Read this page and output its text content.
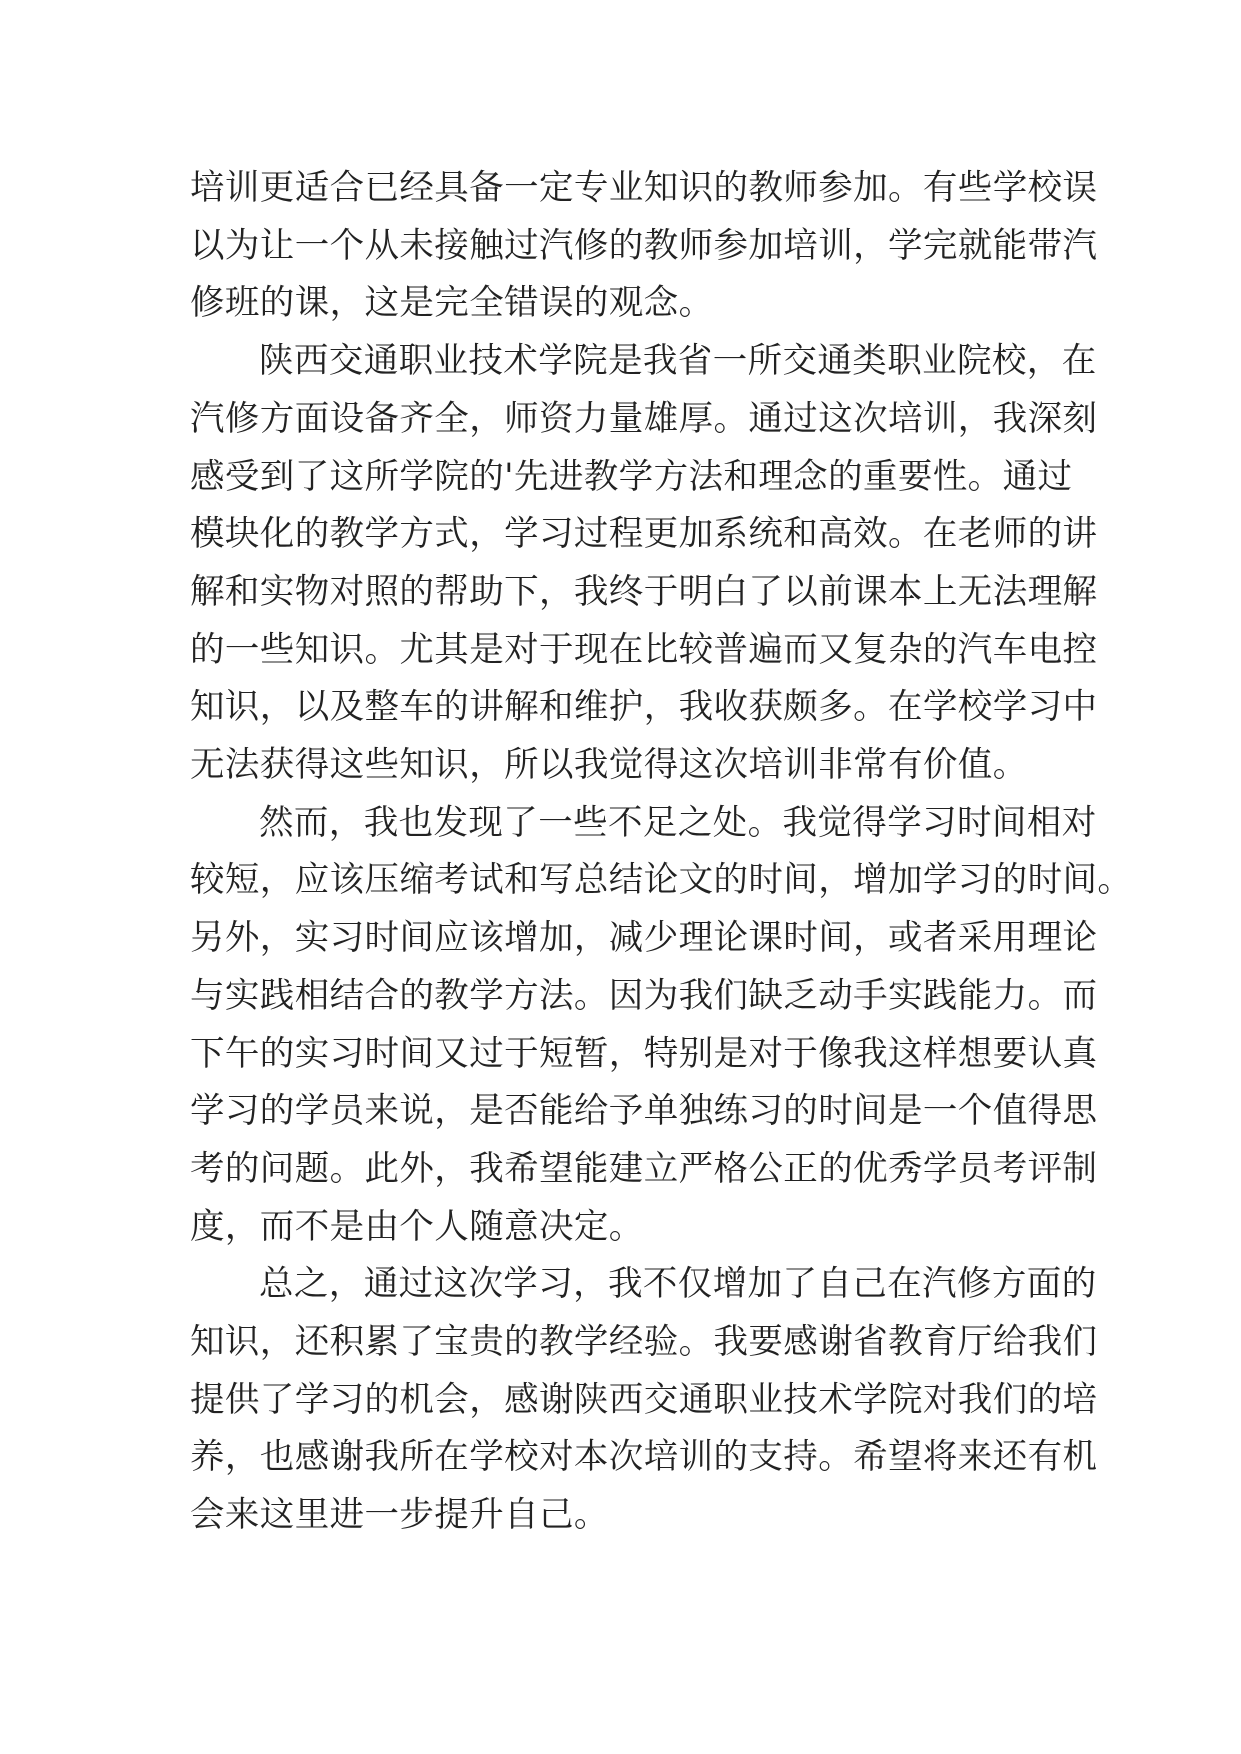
培训更适合已经具备一定专业知识的教师参加。有些学校误
以为让一个从未接触过汽修的教师参加培训，学完就能带汽
修班的课，这是完全错误的观念。

陕西交通职业技术学院是我省一所交通类职业院校，在
汽修方面设备齐全，师资力量雄厚。通过这次培训，我深刻
感受到了这所学院的'先进教学方法和理念的重要性。通过
模块化的教学方式，学习过程更加系统和高效。在老师的讲
解和实物对照的帮助下，我终于明白了以前课本上无法理解
的一些知识。尤其是对于现在比较普遍而又复杂的汽车电控
知识，以及整车的讲解和维护，我收获颇多。在学校学习中
无法获得这些知识，所以我觉得这次培训非常有价值。

然而，我也发现了一些不足之处。我觉得学习时间相对
较短，应该压缩考试和写总结论文的时间，增加学习的时间。
另外，实习时间应该增加，减少理论课时间，或者采用理论
与实践相结合的教学方法。因为我们缺乏动手实践能力。而
下午的实习时间又过于短暂，特别是对于像我这样想要认真
学习的学员来说，是否能给予单独练习的时间是一个值得思
考的问题。此外，我希望能建立严格公正的优秀学员考评制
度，而不是由个人随意决定。

总之，通过这次学习，我不仅增加了自己在汽修方面的
知识，还积累了宝贵的教学经验。我要感谢省教育厅给我们
提供了学习的机会，感谢陕西交通职业技术学院对我们的培
养，也感谢我所在学校对本次培训的支持。希望将来还有机
会来这里进一步提升自己。
